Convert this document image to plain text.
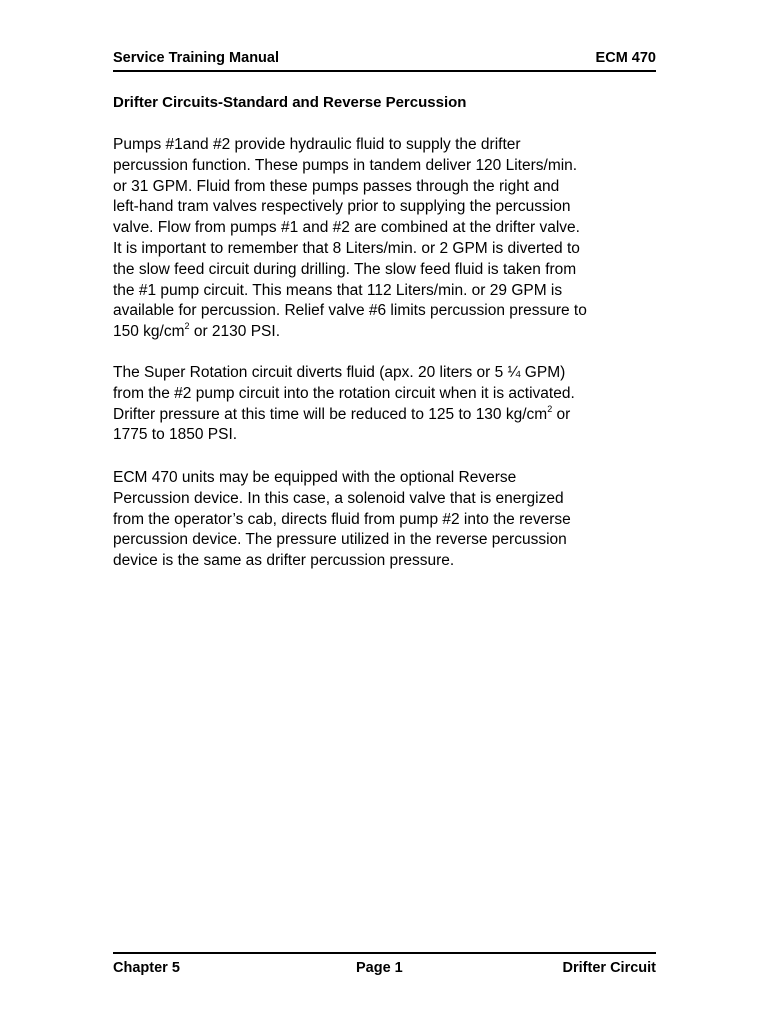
Service Training Manual	ECM 470
Drifter Circuits-Standard and Reverse Percussion

Pumps #1and #2 provide hydraulic fluid to supply the drifter
percussion function. These pumps in tandem deliver 120 Liters/min.
or 31 GPM. Fluid from these pumps passes through the right and
left-hand tram valves respectively prior to supplying the percussion
valve. Flow from pumps #1 and #2 are combined at the drifter valve.
It is important to remember that 8 Liters/min. or 2 GPM is diverted to
the slow feed circuit during drilling. The slow feed fluid is taken from
the #1 pump circuit. This means that 112 Liters/min. or 29 GPM is
available for percussion. Relief valve #6 limits percussion pressure to
150 $kg/cm^2$ or 2130 PSI.

The Super Rotation circuit diverts fluid (apx. 20 liters or 5 ¼ GPM)
from the #2 pump circuit into the rotation circuit when it is activated.
Drifter pressure at this time will be reduced to 125 to 130 $kg/cm^2$ or
1775 to 1850 PSI.

ECM 470 units may be equipped with the optional Reverse
Percussion device. In this case, a solenoid valve that is energized
from the operator’s cab, directs fluid from pump #2 into the reverse
percussion device. The pressure utilized in the reverse percussion
device is the same as drifter percussion pressure.

Chapter 5	Page 1	Drifter Circuit
